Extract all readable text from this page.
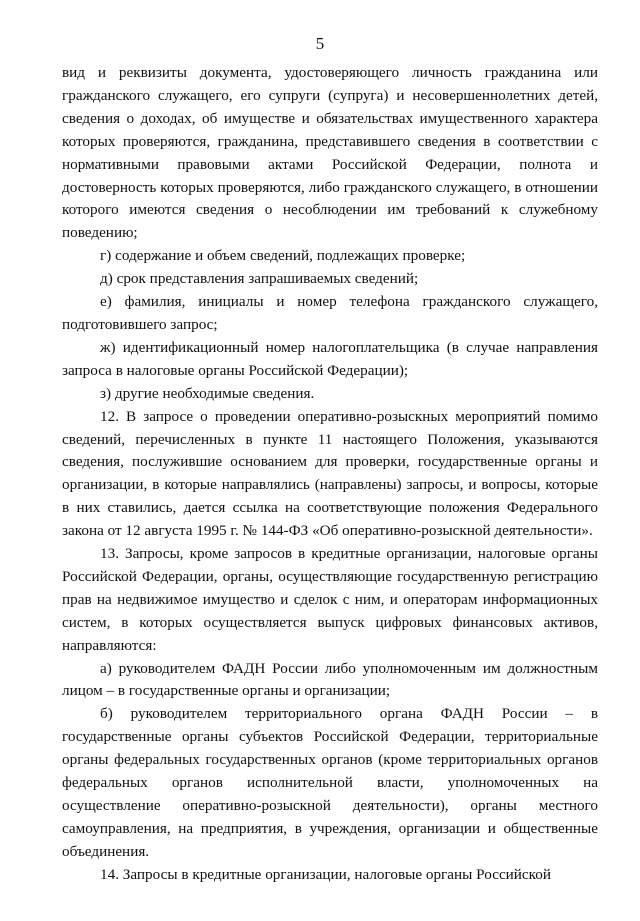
5

вид и реквизиты документа, удостоверяющего личность гражданина или гражданского служащего, его супруги (супруга) и несовершеннолетних детей, сведения о доходах, об имуществе и обязательствах имущественного характера которых проверяются, гражданина, представившего сведения в соответствии с нормативными правовыми актами Российской Федерации, полнота и достоверность которых проверяются, либо гражданского служащего, в отношении которого имеются сведения о несоблюдении им требований к служебному поведению;

г) содержание и объем сведений, подлежащих проверке;

д) срок представления запрашиваемых сведений;

е) фамилия, инициалы и номер телефона гражданского служащего, подготовившего запрос;

ж) идентификационный номер налогоплательщика (в случае направления запроса в налоговые органы Российской Федерации);

з) другие необходимые сведения.

12. В запросе о проведении оперативно-розыскных мероприятий помимо сведений, перечисленных в пункте 11 настоящего Положения, указываются сведения, послужившие основанием для проверки, государственные органы и организации, в которые направлялись (направлены) запросы, и вопросы, которые в них ставились, дается ссылка на соответствующие положения Федерального закона от 12 августа 1995 г. № 144-ФЗ «Об оперативно-розыскной деятельности».

13. Запросы, кроме запросов в кредитные организации, налоговые органы Российской Федерации, органы, осуществляющие государственную регистрацию прав на недвижимое имущество и сделок с ним, и операторам информационных систем, в которых осуществляется выпуск цифровых финансовых активов, направляются:

а) руководителем ФАДН России либо уполномоченным им должностным лицом – в государственные органы и организации;

б) руководителем территориального органа ФАДН России – в государственные органы субъектов Российской Федерации, территориальные органы федеральных государственных органов (кроме территориальных органов федеральных органов исполнительной власти, уполномоченных на осуществление оперативно-розыскной деятельности), органы местного самоуправления, на предприятия, в учреждения, организации и общественные объединения.

14. Запросы в кредитные организации, налоговые органы Российской
